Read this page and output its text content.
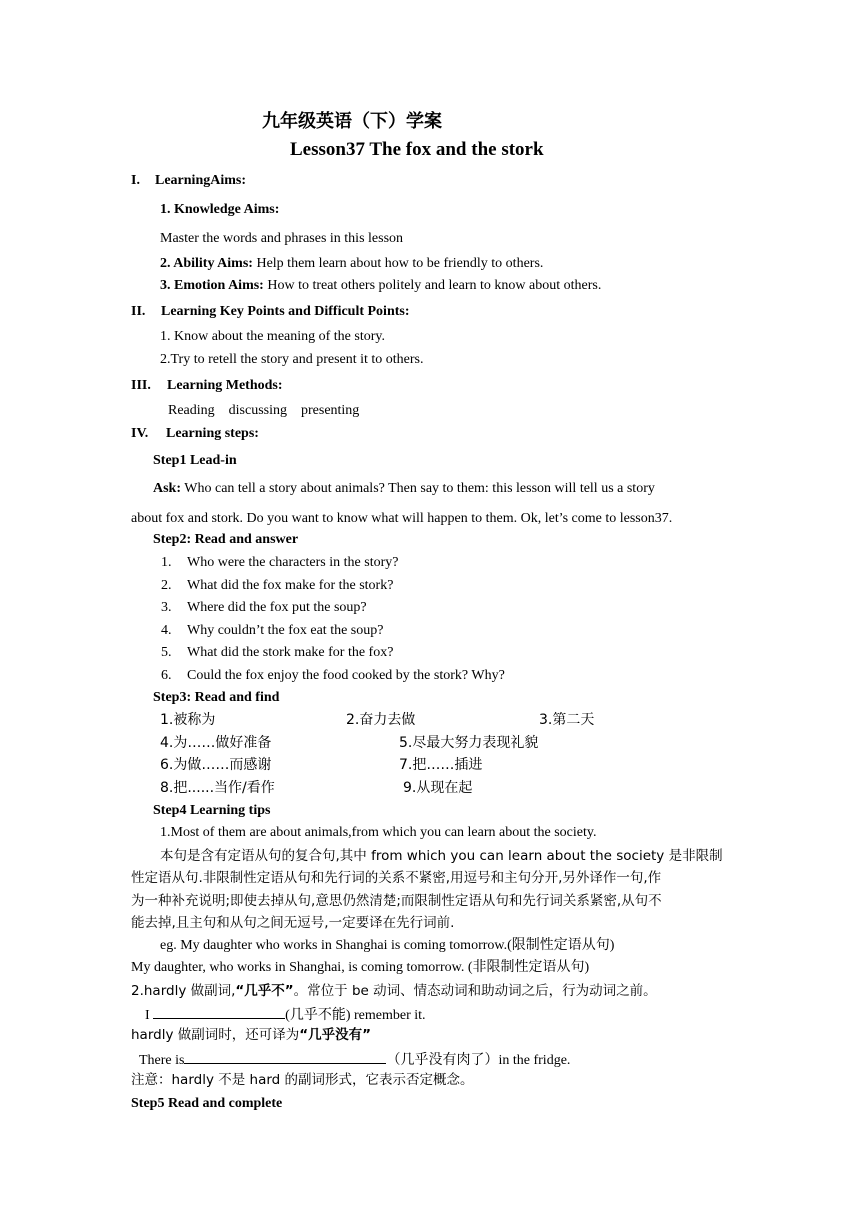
九年级英语（下）学案
Lesson37 The fox and the stork
I. LearningAims:
1. Knowledge Aims:
Master the words and phrases in this lesson
2. Ability Aims: Help them learn about how to be friendly to others.
3. Emotion Aims: How to treat others politely and learn to know about others.
II. Learning Key Points and Difficult Points:
1. Know about the meaning of the story.
2.Try to retell the story and present it to others.
III. Learning Methods:
Reading    discussing    presenting
IV. Learning steps:
Step1 Lead-in
Ask: Who can tell a story about animals? Then say to them: this lesson will tell us a story
about fox and stork. Do you want to know what will happen to them. Ok, let’s come to lesson37.
Step2: Read and answer
1. Who were the characters in the story?
2. What did the fox make for the stork?
3. Where did the fox put the soup?
4. Why couldn’t the fox eat the soup?
5. What did the stork make for the fox?
6. Could the fox enjoy the food cooked by the stork? Why?
Step3: Read and find
1.被称为	2.奋力去做	3.第二天
4.为……做好准备	5.尽最大努力表现礼貌
6.为做……而感谢	7.把……插进
8.把......当作/看作	9.从现在起
Step4 Learning tips
1.Most of them are about animals,from which you can learn about the society.
本句是含有定语从句的复合句,其中 from which you can learn about the society 是非限制
性定语从句.非限制性定语从句和先行词的关系不紧密,用逗号和主句分开,另外译作一句,作
为一种补充说明;即使去掉从句,意思仍然清楚;而限制性定语从句和先行词关系紧密,从句不
能去掉,且主句和从句之间无逗号,一定要译在先行词前.
eg. My daughter who works in Shanghai is coming tomorrow.(限制性定语从句)
My daughter, who works in Shanghai, is coming tomorrow. (非限制性定语从句)
2.hardly 做副词,“几乎不”。常位于 be 动词、情态动词和助动词之后，行为动词之前。
I	(几乎不能) remember it.
hardly 做副词时，还可译为“几乎没有”
There is	（几乎没有肉了）in the fridge.
注意：hardly 不是 hard 的副词形式，它表示否定概念。
Step5 Read and complete
